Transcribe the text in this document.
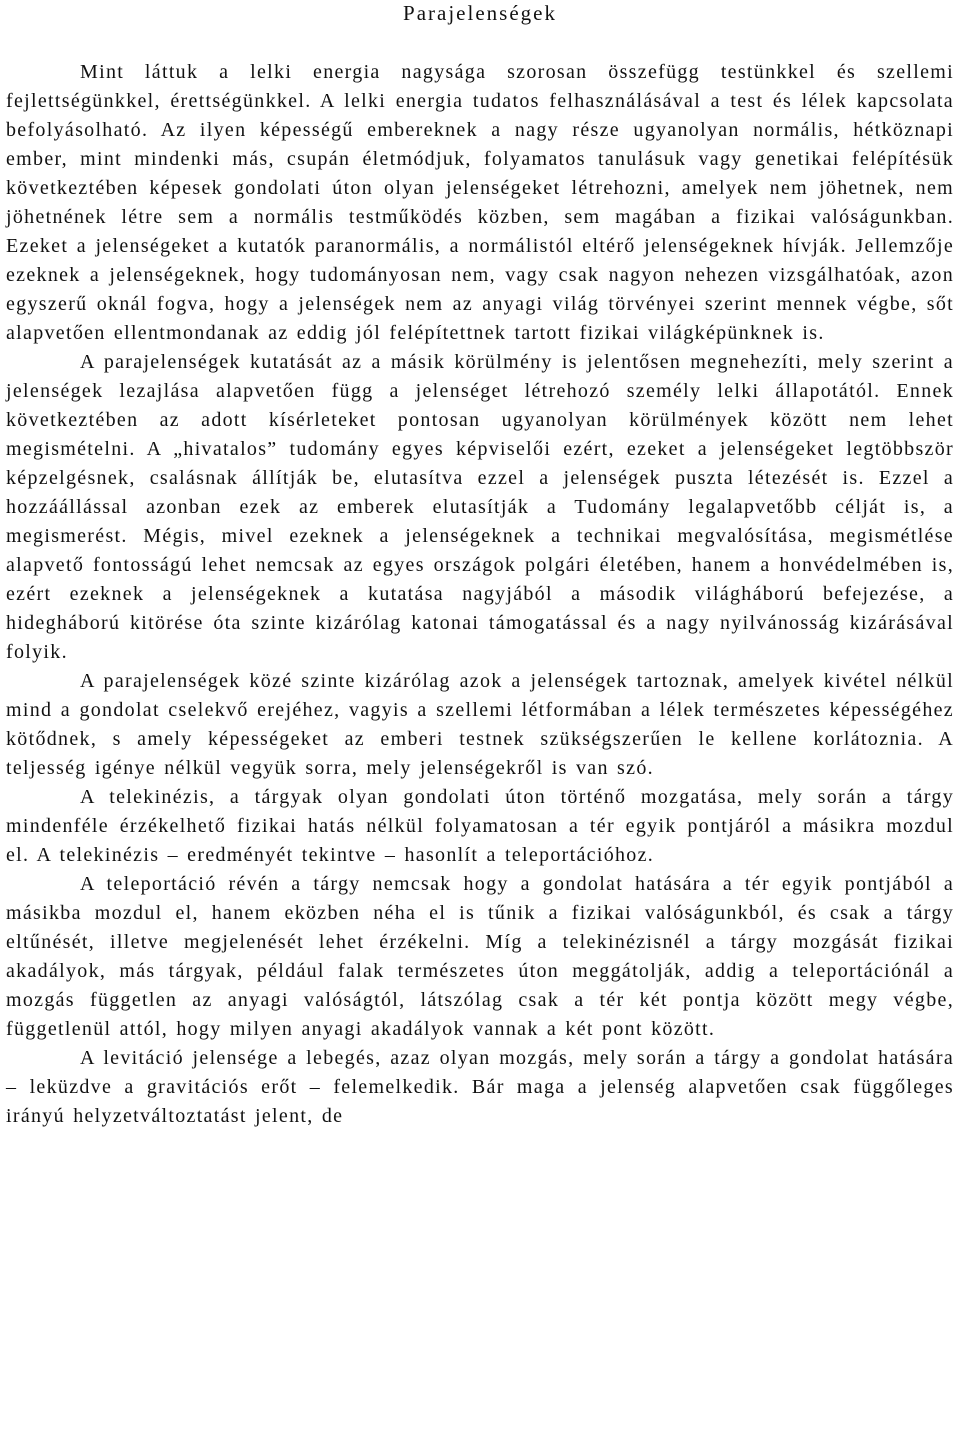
Parajelenségek

Mint láttuk a lelki energia nagysága szorosan összefügg testünkkel és szellemi fejlettségünkkel, érettségünkkel. A lelki energia tudatos felhasználásával a test és lélek kapcsolata befolyásolható. Az ilyen képességű embereknek a nagy része ugyanolyan normális, hétköznapi ember, mint mindenki más, csupán életmódjuk, folyamatos tanulásuk vagy genetikai felépítésük következtében képesek gondolati úton olyan jelenségeket létrehozni, amelyek nem jöhetnek, nem jöhetnének létre sem a normális testműködés közben, sem magában a fizikai valóságunkban. Ezeket a jelenségeket a kutatók paranormális, a normálistól eltérő jelenségeknek hívják. Jellemzője ezeknek a jelenségeknek, hogy tudományosan nem, vagy csak nagyon nehezen vizsgálhatóak, azon egyszerű oknál fogva, hogy a jelenségek nem az anyagi világ törvényei szerint mennek végbe, sőt alapvetően ellentmondanak az eddig jól felépítettnek tartott fizikai világképünknek is.

A parajelenségek kutatását az a másik körülmény is jelentősen megnehezíti, mely szerint a jelenségek lezajlása alapvetően függ a jelenséget létrehozó személy lelki állapotától. Ennek következtében az adott kísérleteket pontosan ugyanolyan körülmények között nem lehet megismételni. A „hivatalos” tudomány egyes képviselői ezért, ezeket a jelenségeket legtöbbször képzelgésnek, csalásnak állítják be, elutasítva ezzel a jelenségek puszta létezését is. Ezzel a hozzáállással azonban ezek az emberek elutasítják a Tudomány legalapvetőbb célját is, a megismerést. Mégis, mivel ezeknek a jelenségeknek a technikai megvalósítása, megismétlése alapvető fontosságú lehet nemcsak az egyes országok polgári életében, hanem a honvédelmében is, ezért ezeknek a jelenségeknek a kutatása nagyjából a második világháború befejezése, a hidegháború kitörése óta szinte kizárólag katonai támogatással és a nagy nyilvánosság kizárásával folyik.

A parajelenségek közé szinte kizárólag azok a jelenségek tartoznak, amelyek kivétel nélkül mind a gondolat cselekvő erejéhez, vagyis a szellemi létformában a lélek természetes képességéhez kötődnek, s amely képességeket az emberi testnek szükségszerűen le kellene korlátoznia. A teljesség igénye nélkül vegyük sorra, mely jelenségekről is van szó.

A telekinézis, a tárgyak olyan gondolati úton történő mozgatása, mely során a tárgy mindenféle érzékelhető fizikai hatás nélkül folyamatosan a tér egyik pontjáról a másikra mozdul el. A telekinézis – eredményét tekintve – hasonlít a teleportációhoz.

A teleportáció révén a tárgy nemcsak hogy a gondolat hatására a tér egyik pontjából a másikba mozdul el, hanem eközben néha el is tűnik a fizikai valóságunkból, és csak a tárgy eltűnését, illetve megjelenését lehet érzékelni. Míg a telekinézisnél a tárgy mozgását fizikai akadályok, más tárgyak, például falak természetes úton meggátolják, addig a teleportációnál a mozgás független az anyagi valóságtól, látszólag csak a tér két pontja között megy végbe, függetlenül attól, hogy milyen anyagi akadályok vannak a két pont között.

A levitáció jelensége a lebegés, azaz olyan mozgás, mely során a tárgy a gondolat hatására – leküzdve a gravitációs erőt – felemelkedik. Bár maga a jelenség alapvetően csak függőleges irányú helyzetváltoztatást jelent, de
